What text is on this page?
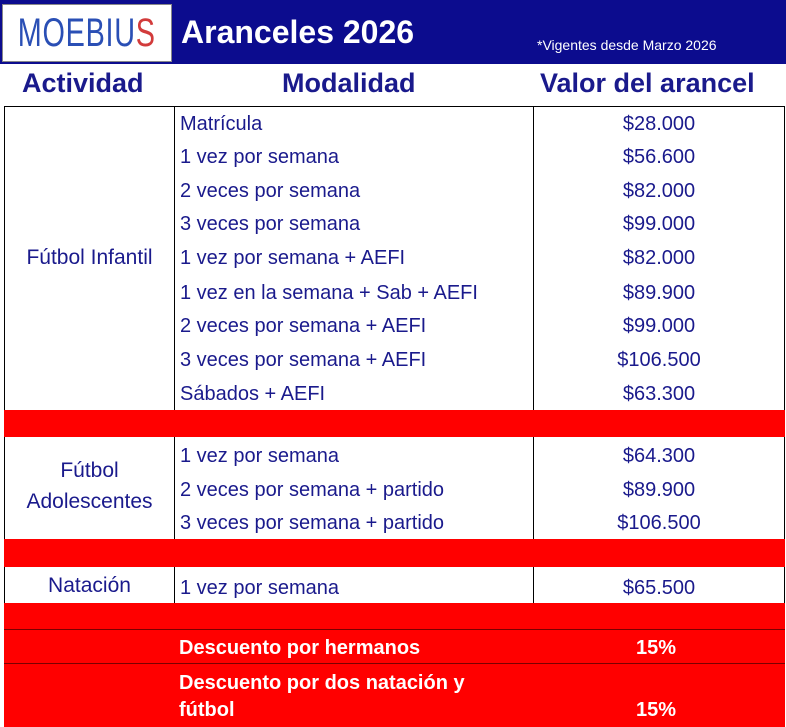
MOEBIUS Aranceles 2026	*Vigentes desde Marzo 2026
Actividad	Modalidad	Valor del arancel
Fútbol Infantil
Matrícula	$28.000
1 vez por semana	$56.600
2 veces por semana	$82.000
3 veces por semana	$99.000
1 vez por semana + AEFI	$82.000
1 vez en la semana + Sab + AEFI	$89.900
2 veces por semana + AEFI	$99.000
3 veces por semana + AEFI	$106.500
Sábados + AEFI	$63.300
Fútbol
Adolescentes
1 vez por semana	$64.300
2 veces por semana + partido	$89.900
3 veces por semana + partido	$106.500
Natación	1 vez por semana	$65.500
Descuento por hermanos	15%
Descuento por dos natación y
fútbol	15%
